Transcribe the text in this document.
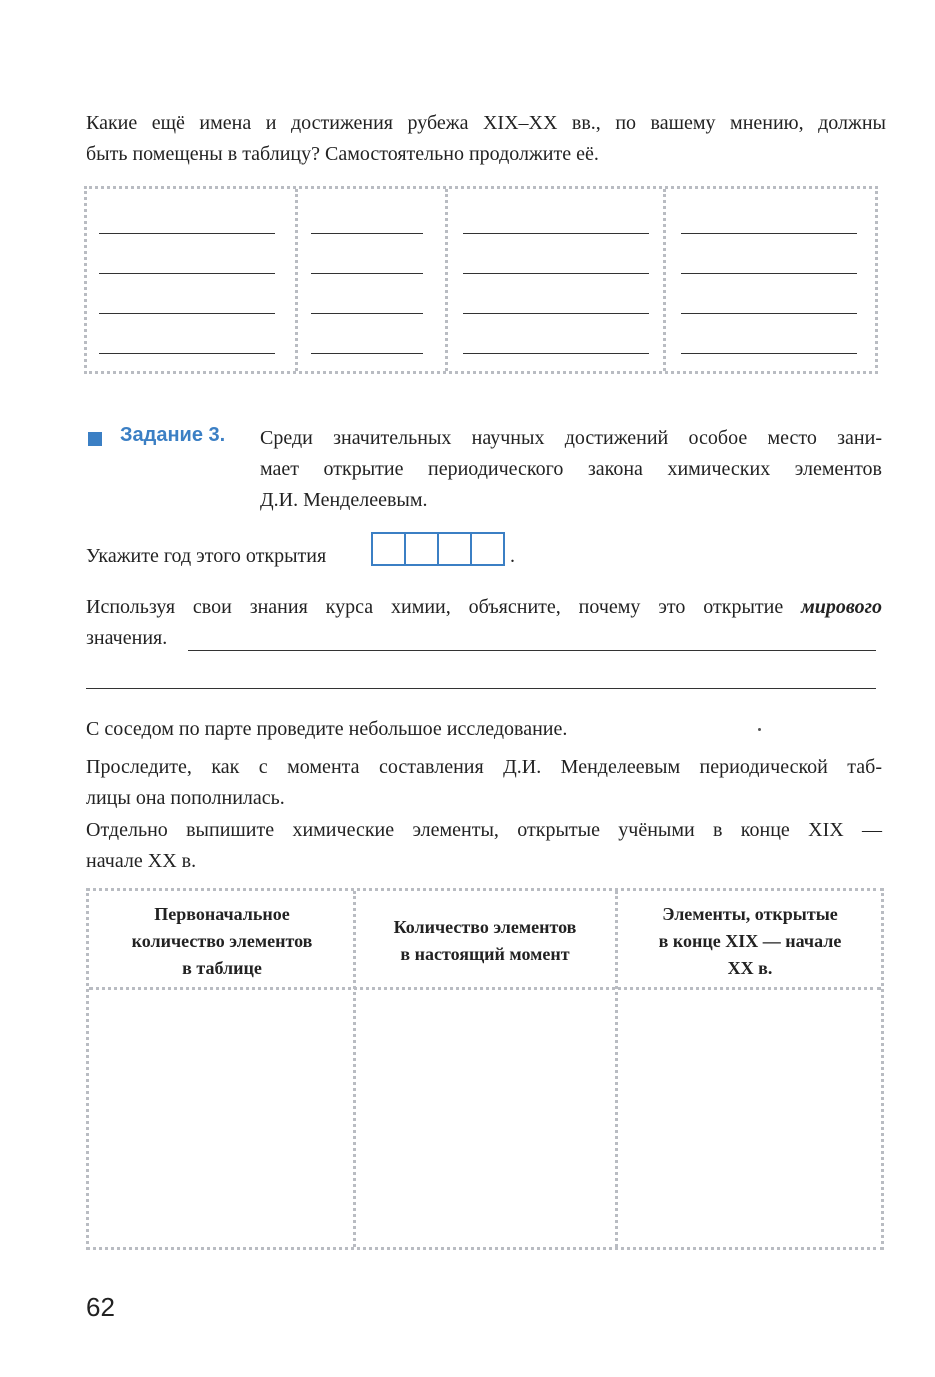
Какие ещё имена и достижения рубежа XIX–XX вв., по вашему мнению, должны
быть помещены в таблицу? Самостоятельно продолжите её.
Задание 3. Среди значительных научных достижений особое место зани-
мает открытие периодического закона химических элементов
Д.И. Менделеевым.
Укажите год этого открытия	.
Используя свои знания курса химии, объясните, почему это открытие мирового
значения.
С соседом по парте проведите небольшое исследование.
Проследите, как с момента составления Д.И. Менделеевым периодической таб-
лицы она пополнилась.
Отдельно выпишите химические элементы, открытые учёными в конце XIX —
начале XX в.
Первоначальное
количество элементов
в таблице
Количество элементов
в настоящий момент
Элементы, открытые
в конце XIX — начале
XX в.
62
